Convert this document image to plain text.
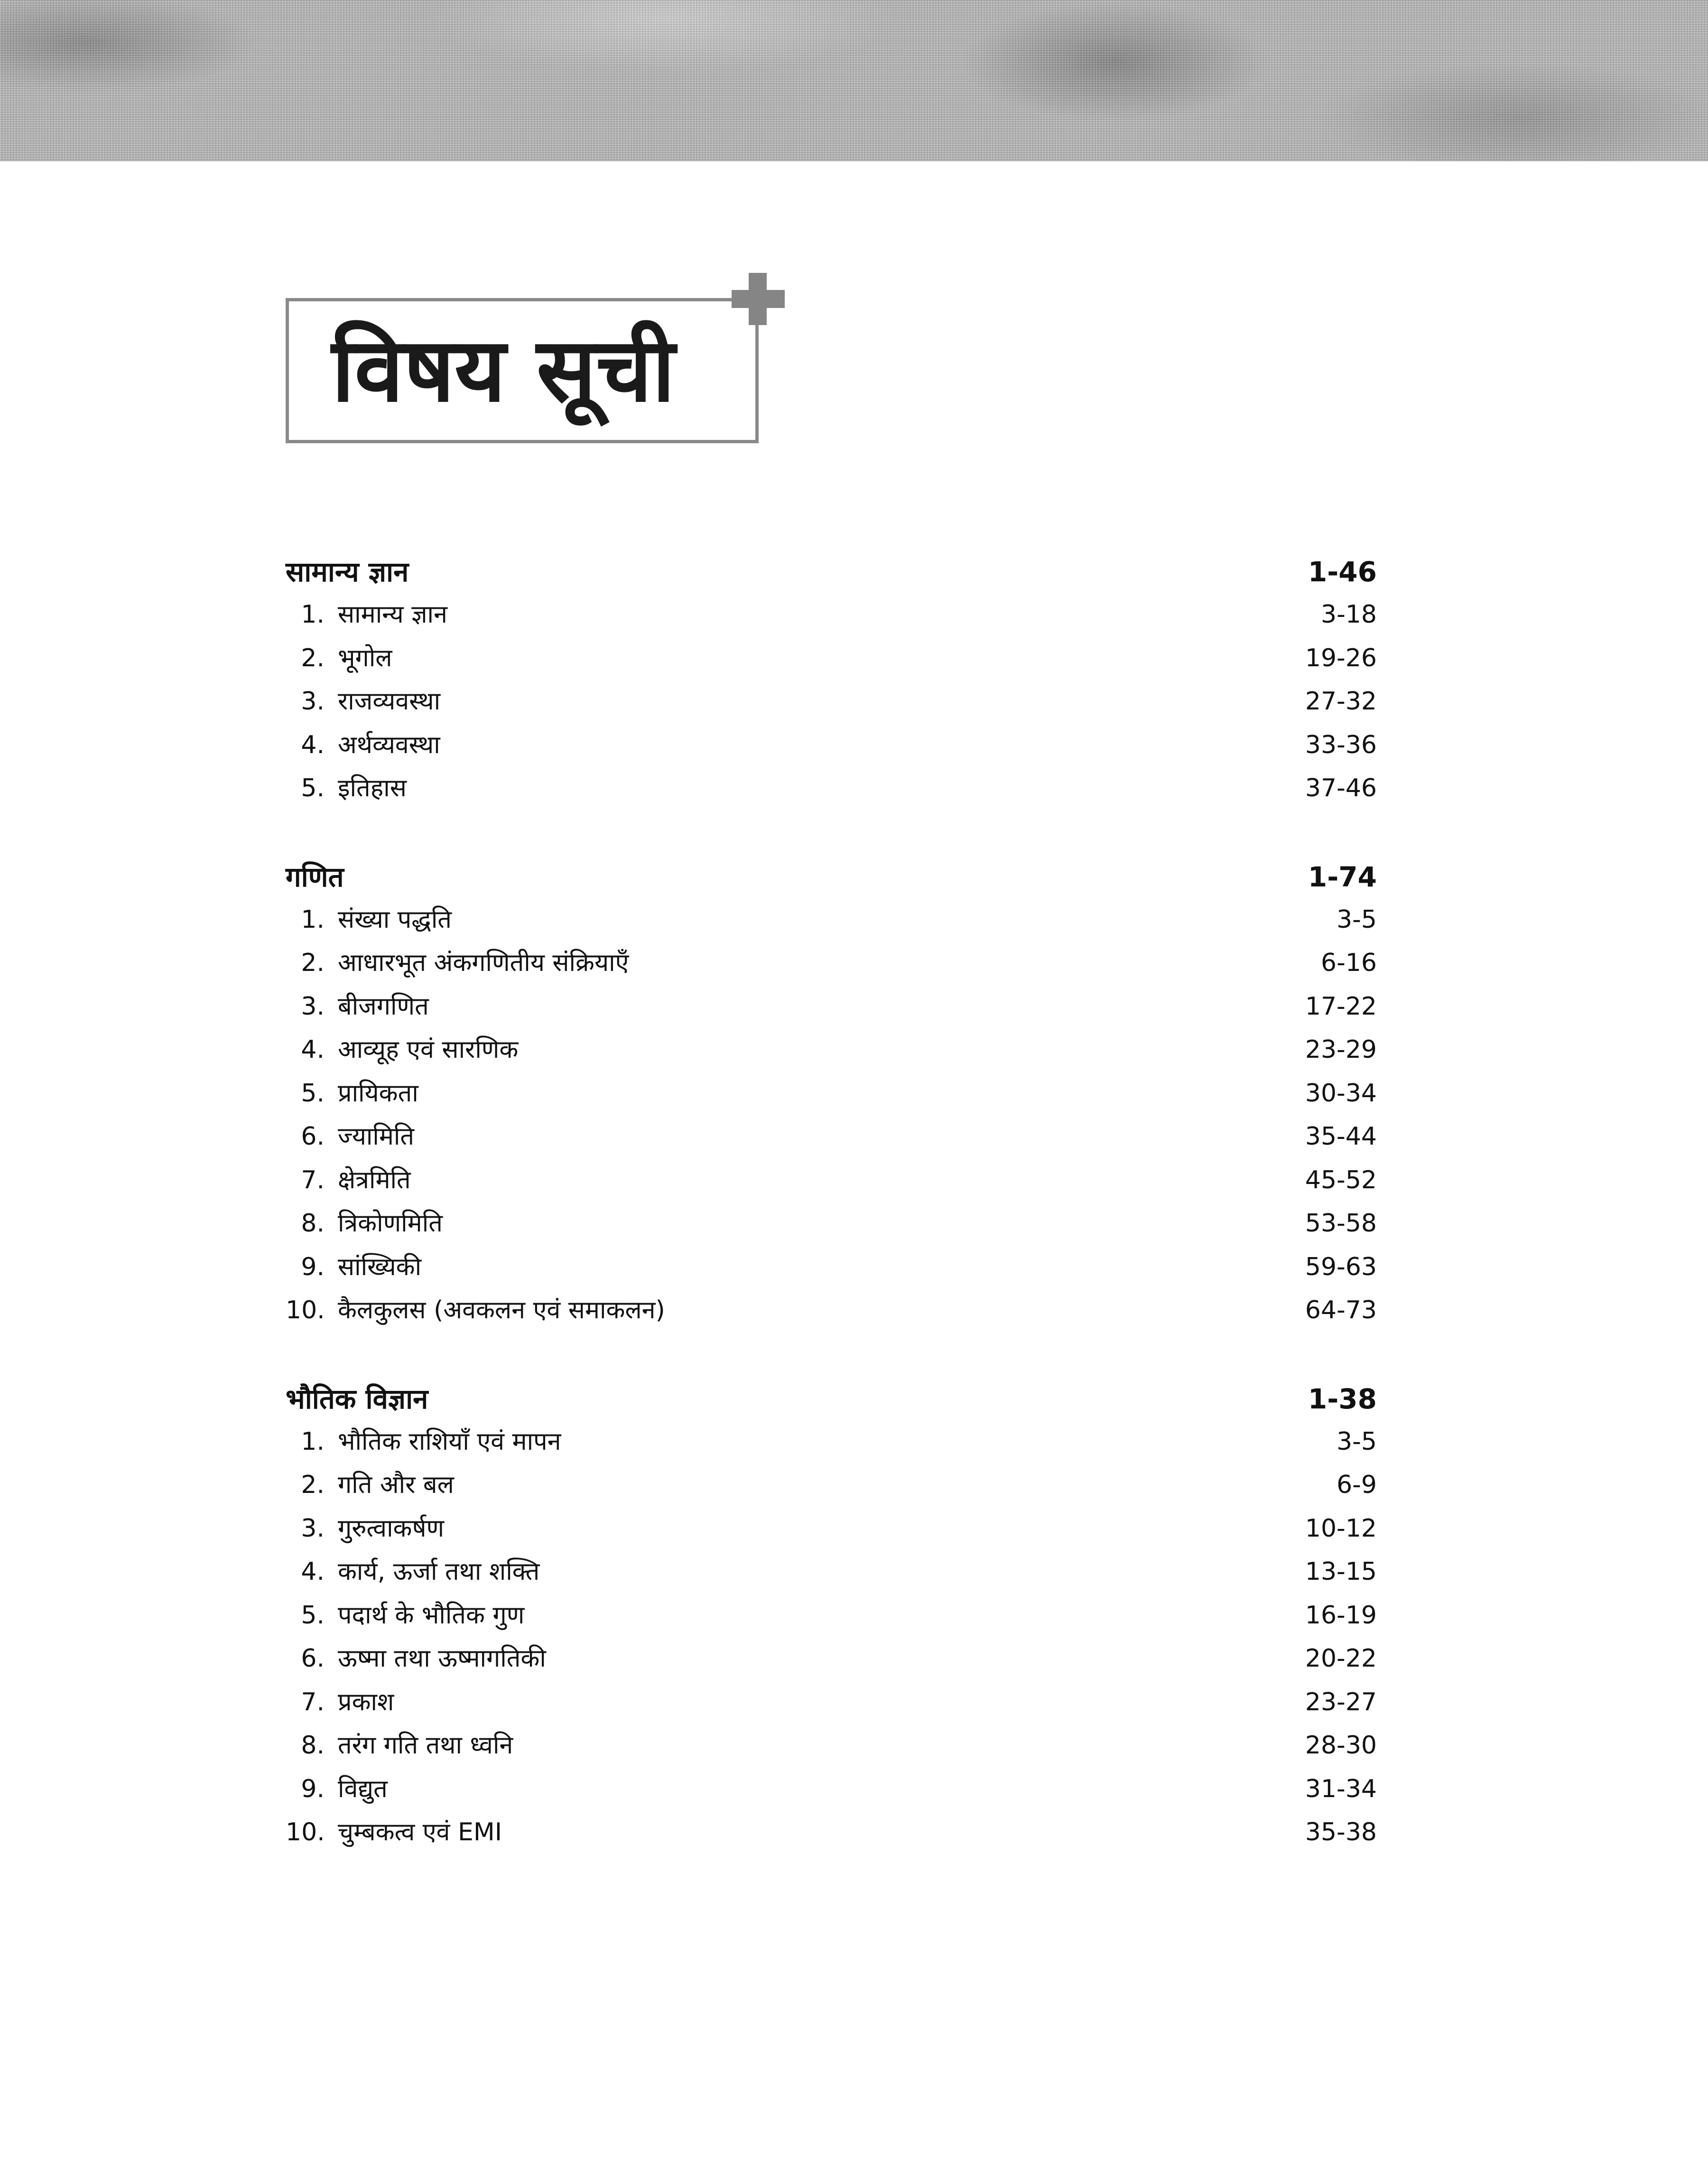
विषय सूची
सामान्य ज्ञान	1-46
1. सामान्य ज्ञान	3-18
2. भूगोल	19-26
3. राजव्यवस्था	27-32
4. अर्थव्यवस्था	33-36
5. इतिहास	37-46
गणित	1-74
1. संख्या पद्धति	3-5
2. आधारभूत अंकगणितीय संक्रियाएँ	6-16
3. बीजगणित	17-22
4. आव्यूह एवं सारणिक	23-29
5. प्रायिकता	30-34
6. ज्यामिति	35-44
7. क्षेत्रमिति	45-52
8. त्रिकोणमिति	53-58
9. सांख्यिकी	59-63
10. कैलकुलस (अवकलन एवं समाकलन)	64-73
भौतिक विज्ञान	1-38
1. भौतिक राशियाँ एवं मापन	3-5
2. गति और बल	6-9
3. गुरुत्वाकर्षण	10-12
4. कार्य, ऊर्जा तथा शक्ति	13-15
5. पदार्थ के भौतिक गुण	16-19
6. ऊष्मा तथा ऊष्मागतिकी	20-22
7. प्रकाश	23-27
8. तरंग गति तथा ध्वनि	28-30
9. विद्युत	31-34
10. चुम्बकत्व एवं EMI	35-38
